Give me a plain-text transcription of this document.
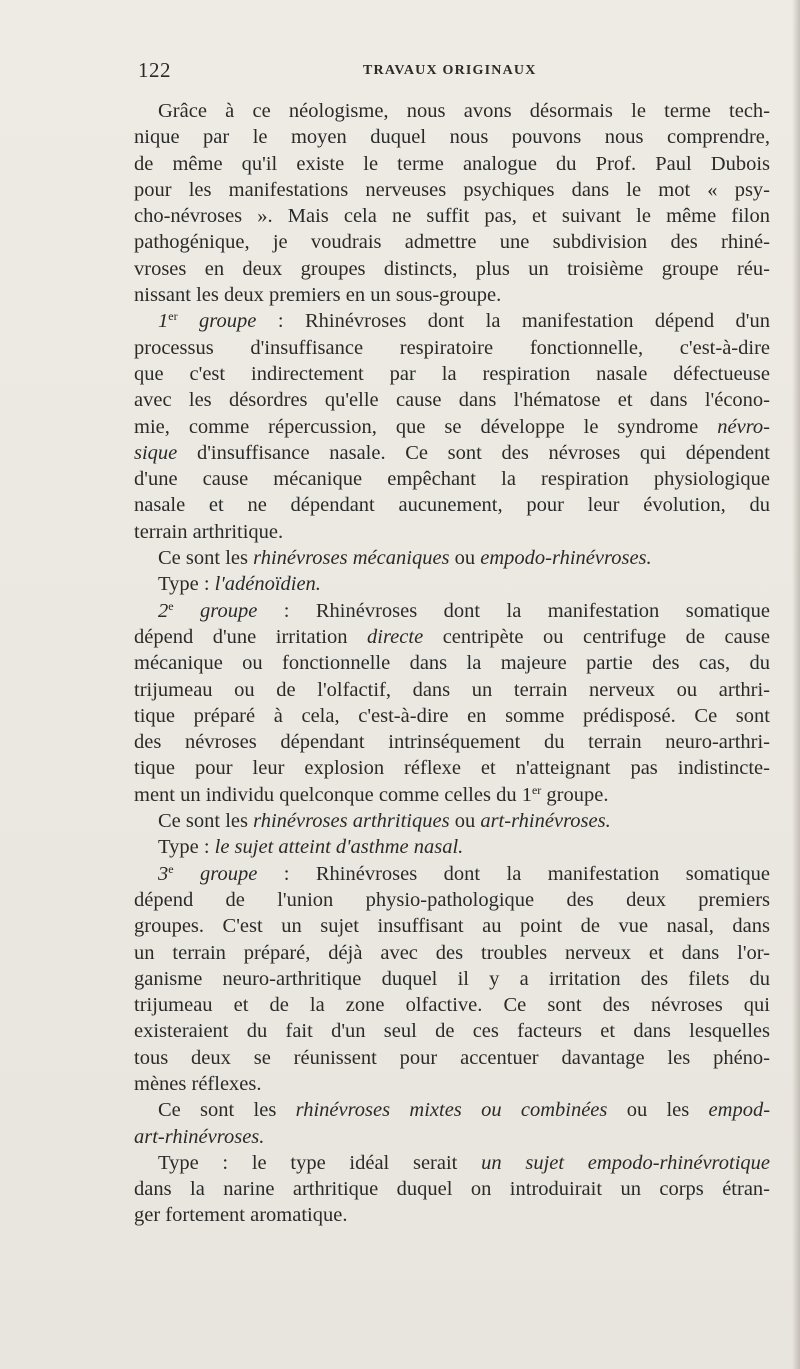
122	TRAVAUX ORIGINAUX
Grâce à ce néologisme, nous avons désormais le terme tech-
nique par le moyen duquel nous pouvons nous comprendre,
de même qu'il existe le terme analogue du Prof. Paul Dubois
pour les manifestations nerveuses psychiques dans le mot « psy-
cho-névroses ». Mais cela ne suffit pas, et suivant le même filon
pathogénique, je voudrais admettre une subdivision des rhiné-
vroses en deux groupes distincts, plus un troisième groupe réu-
nissant les deux premiers en un sous-groupe.
1er groupe : Rhinévroses dont la manifestation dépend d'un
processus d'insuffisance respiratoire fonctionnelle, c'est-à-dire
que c'est indirectement par la respiration nasale défectueuse
avec les désordres qu'elle cause dans l'hématose et dans l'écono-
mie, comme répercussion, que se développe le syndrome névro-
sique d'insuffisance nasale. Ce sont des névroses qui dépendent
d'une cause mécanique empêchant la respiration physiologique
nasale et ne dépendant aucunement, pour leur évolution, du
terrain arthritique.
Ce sont les rhinévroses mécaniques ou empodo-rhinévroses.
Type : l'adénoïdien.
2e groupe : Rhinévroses dont la manifestation somatique
dépend d'une irritation directe centripète ou centrifuge de cause
mécanique ou fonctionnelle dans la majeure partie des cas, du
trijumeau ou de l'olfactif, dans un terrain nerveux ou arthri-
tique préparé à cela, c'est-à-dire en somme prédisposé. Ce sont
des névroses dépendant intrinséquement du terrain neuro-arthri-
tique pour leur explosion réflexe et n'atteignant pas indistincte-
ment un individu quelconque comme celles du 1er groupe.
Ce sont les rhinévroses arthritiques ou art-rhinévroses.
Type : le sujet atteint d'asthme nasal.
3e groupe : Rhinévroses dont la manifestation somatique
dépend de l'union physio-pathologique des deux premiers
groupes. C'est un sujet insuffisant au point de vue nasal, dans
un terrain préparé, déjà avec des troubles nerveux et dans l'or-
ganisme neuro-arthritique duquel il y a irritation des filets du
trijumeau et de la zone olfactive. Ce sont des névroses qui
existeraient du fait d'un seul de ces facteurs et dans lesquelles
tous deux se réunissent pour accentuer davantage les phéno-
mènes réflexes.
Ce sont les rhinévroses mixtes ou combinées ou les empod-
art-rhinévroses.
Type : le type idéal serait un sujet empodo-rhinévrotique
dans la narine arthritique duquel on introduirait un corps étran-
ger fortement aromatique.
